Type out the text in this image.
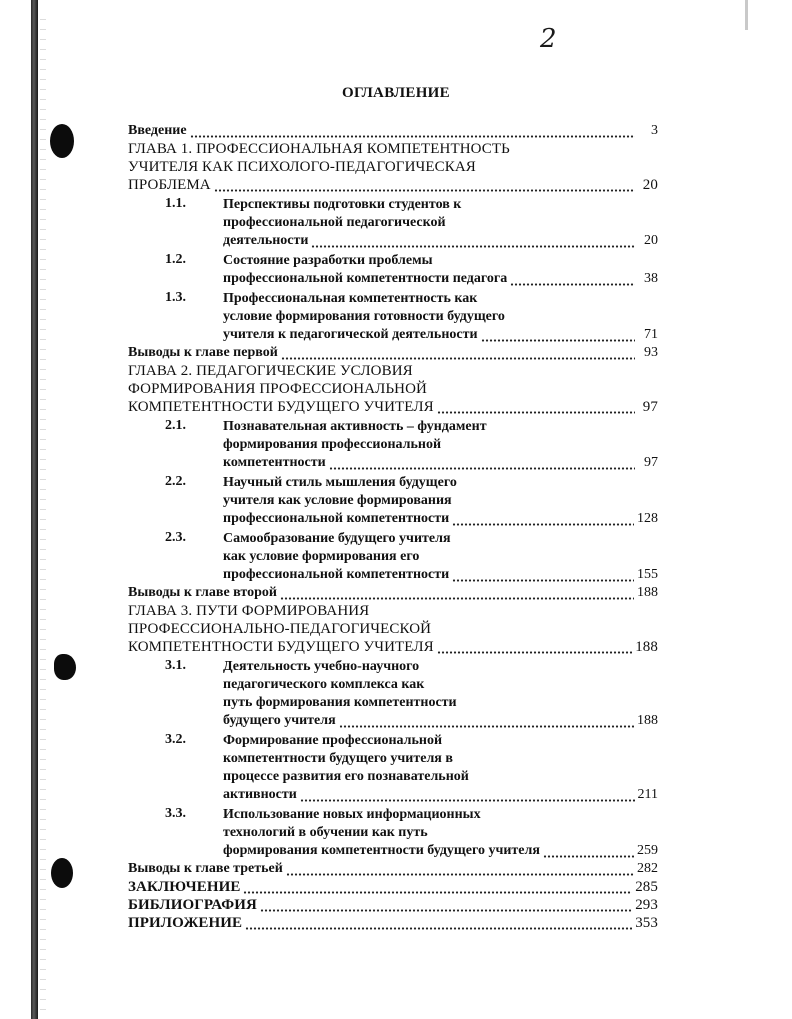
2
ОГЛАВЛЕНИЕ
Введение	3
ГЛАВА 1. ПРОФЕССИОНАЛЬНАЯ КОМПЕТЕНТНОСТЬ
УЧИТЕЛЯ КАК ПСИХОЛОГО-ПЕДАГОГИЧЕСКАЯ
ПРОБЛЕМА	20
1.1.	Перспективы подготовки студентов к
профессиональной педагогической
деятельности	20
1.2.	Состояние разработки проблемы
профессиональной компетентности педагога	38
1.3.	Профессиональная компетентность как
условие формирования готовности будущего
учителя к педагогической деятельности	71
Выводы к главе первой	93
ГЛАВА 2. ПЕДАГОГИЧЕСКИЕ УСЛОВИЯ
ФОРМИРОВАНИЯ ПРОФЕССИОНАЛЬНОЙ
КОМПЕТЕНТНОСТИ БУДУЩЕГО УЧИТЕЛЯ	97
2.1.	Познавательная активность – фундамент
формирования профессиональной
компетентности	97
2.2.	Научный стиль мышления будущего
учителя как условие формирования
профессиональной компетентности	128
2.3.	Самообразование будущего учителя
как условие формирования его
профессиональной компетентности	155
Выводы к главе второй	188
ГЛАВА 3. ПУТИ ФОРМИРОВАНИЯ
ПРОФЕССИОНАЛЬНО-ПЕДАГОГИЧЕСКОЙ
КОМПЕТЕНТНОСТИ БУДУЩЕГО УЧИТЕЛЯ	188
3.1.	Деятельность учебно-научного
педагогического комплекса как
путь формирования компетентности
будущего учителя	188
3.2.	Формирование профессиональной
компетентности будущего учителя в
процессе развития его познавательной
активности	211
3.3.	Использование новых информационных
технологий в обучении как путь
формирования компетентности будущего учителя	259
Выводы к главе третьей	282
ЗАКЛЮЧЕНИЕ	285
БИБЛИОГРАФИЯ	293
ПРИЛОЖЕНИЕ	353
